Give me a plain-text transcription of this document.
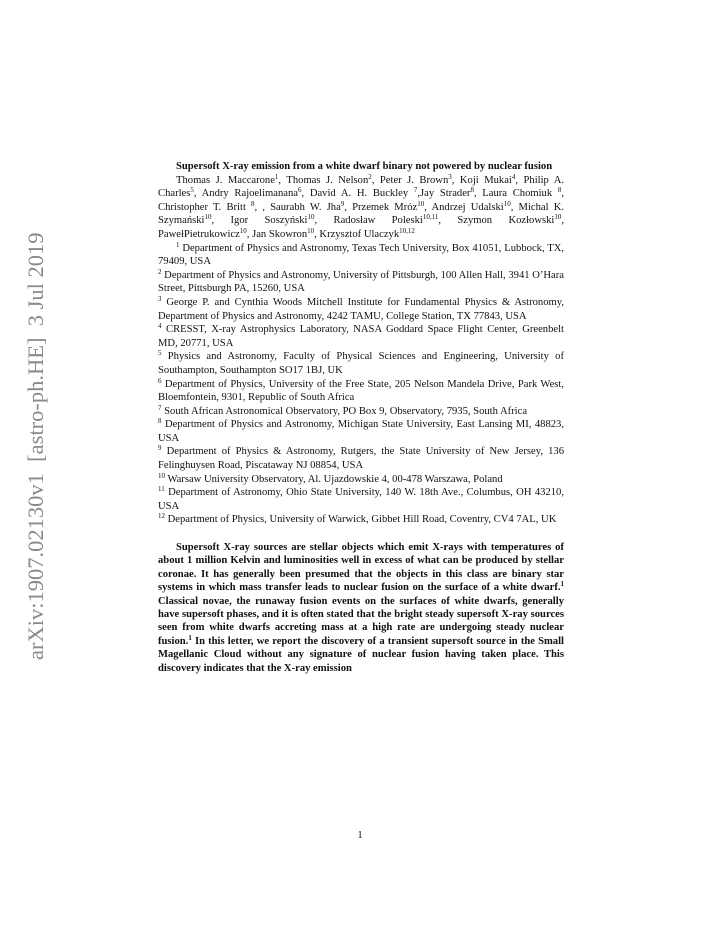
arXiv:1907.02130v1  [astro-ph.HE]  3 Jul 2019

Supersoft X-ray emission from a white dwarf binary not powered by nuclear fusion

Thomas J. Maccarone$^1$, Thomas J. Nelson$^2$, Peter J. Brown$^3$, Koji Mukai$^4$, Philip A. Charles$^5$, Andry Rajoelimanana$^6$, David A. H. Buckley $^7$,Jay Strader$^8$, Laura Chomiuk $^8$, Christopher T. Britt $^8$, , Saurabh W. Jha$^9$, Przemek Mróz$^{10}$, Andrzej Udalski$^{10}$, Michal K. Szymański$^{10}$, Igor Soszyński$^{10}$, Radosław Poleski$^{10,11}$, Szymon Kozłowski$^{10}$, PawełPietrukowicz$^{10}$, Jan Skowron$^{10}$, Krzysztof Ulaczyk$^{10,12}$

$^1$ Department of Physics and Astronomy, Texas Tech University, Box 41051, Lubbock, TX, 79409, USA

$^2$ Department of Physics and Astronomy, University of Pittsburgh, 100 Allen Hall, 3941 O’Hara Street, Pittsburgh PA, 15260, USA

$^3$ George P. and Cynthia Woods Mitchell Institute for Fundamental Physics & Astronomy, Department of Physics and Astronomy, 4242 TAMU, College Station, TX 77843, USA

$^4$ CRESST, X-ray Astrophysics Laboratory, NASA Goddard Space Flight Center, Greenbelt MD, 20771, USA

$^5$ Physics and Astronomy, Faculty of Physical Sciences and Engineering, University of Southampton, Southampton SO17 1BJ, UK

$^6$ Department of Physics, University of the Free State, 205 Nelson Mandela Drive, Park West, Bloemfontein, 9301, Republic of South Africa

$^7$ South African Astronomical Observatory, PO Box 9, Observatory, 7935, South Africa

$^8$ Department of Physics and Astronomy, Michigan State University, East Lansing MI, 48823, USA

$^9$ Department of Physics & Astronomy, Rutgers, the State University of New Jersey, 136 Felinghuysen Road, Piscataway NJ 08854, USA

$^{10}$ Warsaw University Observatory, Al. Ujazdowskie 4, 00-478 Warszawa, Poland

$^{11}$ Department of Astronomy, Ohio State University, 140 W. 18th Ave., Columbus, OH 43210, USA

$^{12}$ Department of Physics, University of Warwick, Gibbet Hill Road, Coventry, CV4 7AL, UK

Supersoft X-ray sources are stellar objects which emit X-rays with temperatures of about 1 million Kelvin and luminosities well in excess of what can be produced by stellar coronae. It has generally been presumed that the objects in this class are binary star systems in which mass transfer leads to nuclear fusion on the surface of a white dwarf.$^1$ Classical novae, the runaway fusion events on the surfaces of white dwarfs, generally have supersoft phases, and it is often stated that the bright steady supersoft X-ray sources seen from white dwarfs accreting mass at a high rate are undergoing steady nuclear fusion.$^1$ In this letter, we report the discovery of a transient supersoft source in the Small Magellanic Cloud without any signature of nuclear fusion having taken place. This discovery indicates that the X-ray emission

1
